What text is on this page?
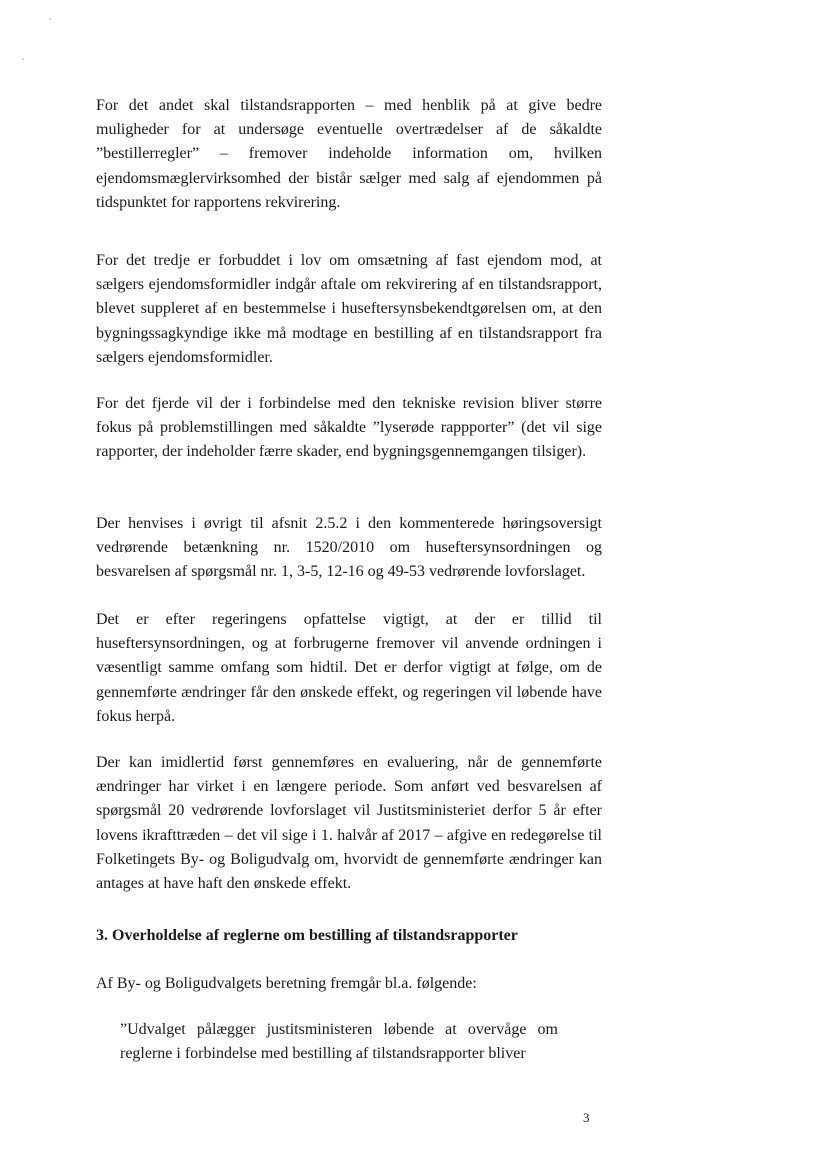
For det andet skal tilstandsrapporten – med henblik på at give bedre muligheder for at undersøge eventuelle overtrædelser af de såkaldte ”bestillerregler” – fremover indeholde information om, hvilken ejendomsmæglervirksomhed der bistår sælger med salg af ejendommen på tidspunktet for rapportens rekvirering.

For det tredje er forbuddet i lov om omsætning af fast ejendom mod, at sælgers ejendomsformidler indgår aftale om rekvirering af en tilstandsrapport, blevet suppleret af en bestemmelse i huseftersynsbekendtgørelsen om, at den bygningssagkyndige ikke må modtage en bestilling af en tilstandsrapport fra sælgers ejendomsformidler.

For det fjerde vil der i forbindelse med den tekniske revision bliver større fokus på problemstillingen med såkaldte ”lyserøde rappporter” (det vil sige rapporter, der indeholder færre skader, end bygningsgennemgangen tilsiger).

Der henvises i øvrigt til afsnit 2.5.2 i den kommenterede høringsoversigt vedrørende betænkning nr. 1520/2010 om huseftersynsordningen og besvarelsen af spørgsmål nr. 1, 3-5, 12-16 og 49-53 vedrørende lovforslaget.

Det er efter regeringens opfattelse vigtigt, at der er tillid til huseftersynsordningen, og at forbrugerne fremover vil anvende ordningen i væsentligt samme omfang som hidtil. Det er derfor vigtigt at følge, om de gennemførte ændringer får den ønskede effekt, og regeringen vil løbende have fokus herpå.

Der kan imidlertid først gennemføres en evaluering, når de gennemførte ændringer har virket i en længere periode. Som anført ved besvarelsen af spørgsmål 20 vedrørende lovforslaget vil Justitsministeriet derfor 5 år efter lovens ikrafttræden – det vil sige i 1. halvår af 2017 – afgive en redegørelse til Folketingets By- og Boligudvalg om, hvorvidt de gennemførte ændringer kan antages at have haft den ønskede effekt.

3. Overholdelse af reglerne om bestilling af tilstandsrapporter

Af By- og Boligudvalgets beretning fremgår bl.a. følgende:

”Udvalget pålægger justitsministeren løbende at overvåge om reglerne i forbindelse med bestilling af tilstandsrapporter bliver

3
